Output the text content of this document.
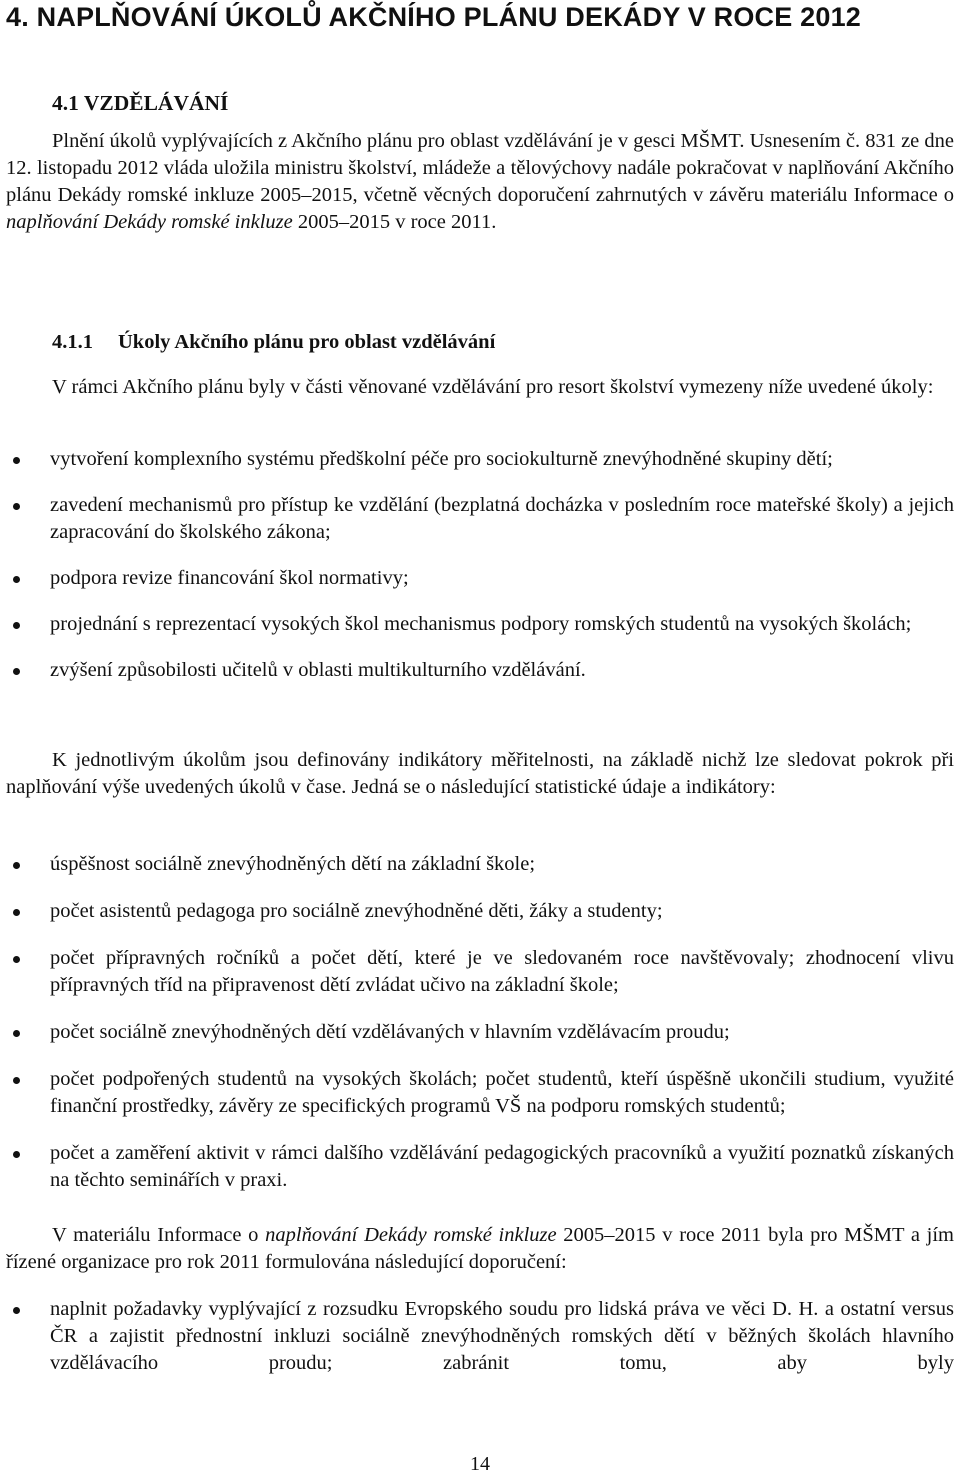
4. NAPLŇOVÁNÍ ÚKOLŮ AKČNÍHO PLÁNU DEKÁDY V ROCE 2012
4.1 VZDĚLÁVÁNÍ

Plnění úkolů vyplývajících z Akčního plánu pro oblast vzdělávání je v gesci MŠMT. Usnesením č. 831 ze dne 12. listopadu 2012 vláda uložila ministru školství, mládeže a tělovýchovy nadále pokračovat v naplňování Akčního plánu Dekády romské inkluze 2005–2015, včetně věcných doporučení zahrnutých v závěru materiálu Informace o naplňování Dekády romské inkluze 2005–2015 v roce 2011.

4.1.1 Úkoly Akčního plánu pro oblast vzdělávání

V rámci Akčního plánu byly v části věnované vzdělávání pro resort školství vymezeny níže uvedené úkoly:

vytvoření komplexního systému předškolní péče pro sociokulturně znevýhodněné skupiny dětí;
zavedení mechanismů pro přístup ke vzdělání (bezplatná docházka v posledním roce mateřské školy) a jejich zapracování do školského zákona;
podpora revize financování škol normativy;
projednání s reprezentací vysokých škol mechanismus podpory romských studentů na vysokých školách;
zvýšení způsobilosti učitelů v oblasti multikulturního vzdělávání.

K jednotlivým úkolům jsou definovány indikátory měřitelnosti, na základě nichž lze sledovat pokrok při naplňování výše uvedených úkolů v čase. Jedná se o následující statistické údaje a indikátory:

úspěšnost sociálně znevýhodněných dětí na základní škole;
počet asistentů pedagoga pro sociálně znevýhodněné děti, žáky a studenty;
počet přípravných ročníků a počet dětí, které je ve sledovaném roce navštěvovaly; zhodnocení vlivu přípravných tříd na připravenost dětí zvládat učivo na základní škole;
počet sociálně znevýhodněných dětí vzdělávaných v hlavním vzdělávacím proudu;
počet podpořených studentů na vysokých školách; počet studentů, kteří úspěšně ukončili studium, využité finanční prostředky, závěry ze specifických programů VŠ na podporu romských studentů;
počet a zaměření aktivit v rámci dalšího vzdělávání pedagogických pracovníků a využití poznatků získaných na těchto seminářích v praxi.

V materiálu Informace o naplňování Dekády romské inkluze 2005–2015 v roce 2011 byla pro MŠMT a jím řízené organizace pro rok 2011 formulována následující doporučení:

naplnit požadavky vyplývající z rozsudku Evropského soudu pro lidská práva ve věci D. H. a ostatní versus ČR a zajistit přednostní inkluzi sociálně znevýhodněných romských dětí v běžných školách hlavního vzdělávacího proudu; zabránit tomu, aby byly
14
